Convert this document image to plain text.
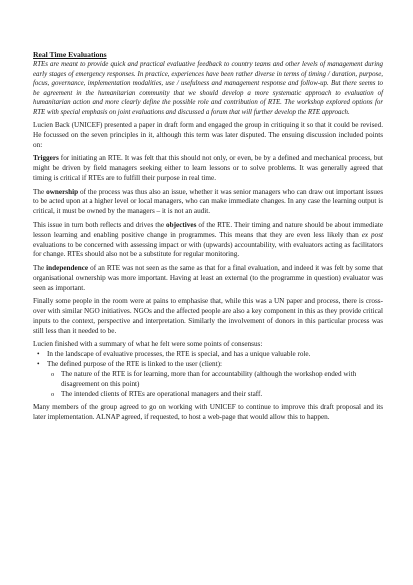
Real Time Evaluations

RTEs are meant to provide quick and practical evaluative feedback to country teams and other levels of management during early stages of emergency responses. In practice, experiences have been rather diverse in terms of timing / duration, purpose, focus, governance, implementation modalities, use / usefulness and management response and follow-up. But there seems to be agreement in the humanitarian community that we should develop a more systematic approach to evaluation of humanitarian action and more clearly define the possible role and contribution of RTE. The workshop explored options for RTE with special emphasis on joint evaluations and discussed a forum that will further develop the RTE approach.

Lucien Back (UNICEF) presented a paper in draft form and engaged the group in critiquing it so that it could be revised. He focussed on the seven principles in it, although this term was later disputed. The ensuing discussion included points on:

Triggers for initiating an RTE. It was felt that this should not only, or even, be by a defined and mechanical process, but might be driven by field managers seeking either to learn lessons or to solve problems. It was generally agreed that timing is critical if RTEs are to fulfill their purpose in real time.

The ownership of the process was thus also an issue, whether it was senior managers who can draw out important issues to be acted upon at a higher level or local managers, who can make immediate changes. In any case the learning output is critical, it must be owned by the managers – it is not an audit.

This issue in turn both reflects and drives the objectives of the RTE. Their timing and nature should be about immediate lesson learning and enabling positive change in programmes. This means that they are even less likely than ex post evaluations to be concerned with assessing impact or with (upwards) accountability, with evaluators acting as facilitators for change. RTEs should also not be a substitute for regular monitoring.

The independence of an RTE was not seen as the same as that for a final evaluation, and indeed it was felt by some that organisational ownership was more important. Having at least an external (to the programme in question) evaluator was seen as important.

Finally some people in the room were at pains to emphasise that, while this was a UN paper and process, there is cross-over with similar NGO initiatives. NGOs and the affected people are also a key component in this as they provide critical inputs to the context, perspective and interpretation. Similarly the involvement of donors in this particular process was still less than it needed to be.

Lucien finished with a summary of what he felt were some points of consensus:

• In the landscape of evaluative processes, the RTE is special, and has a unique valuable role.
• The defined purpose of the RTE is linked to the user (client):
o The nature of the RTE is for learning, more than for accountability (although the workshop ended with disagreement on this point)
o The intended clients of RTEs are operational managers and their staff.

Many members of the group agreed to go on working with UNICEF to continue to improve this draft proposal and its later implementation. ALNAP agreed, if requested, to host a web-page that would allow this to happen.
